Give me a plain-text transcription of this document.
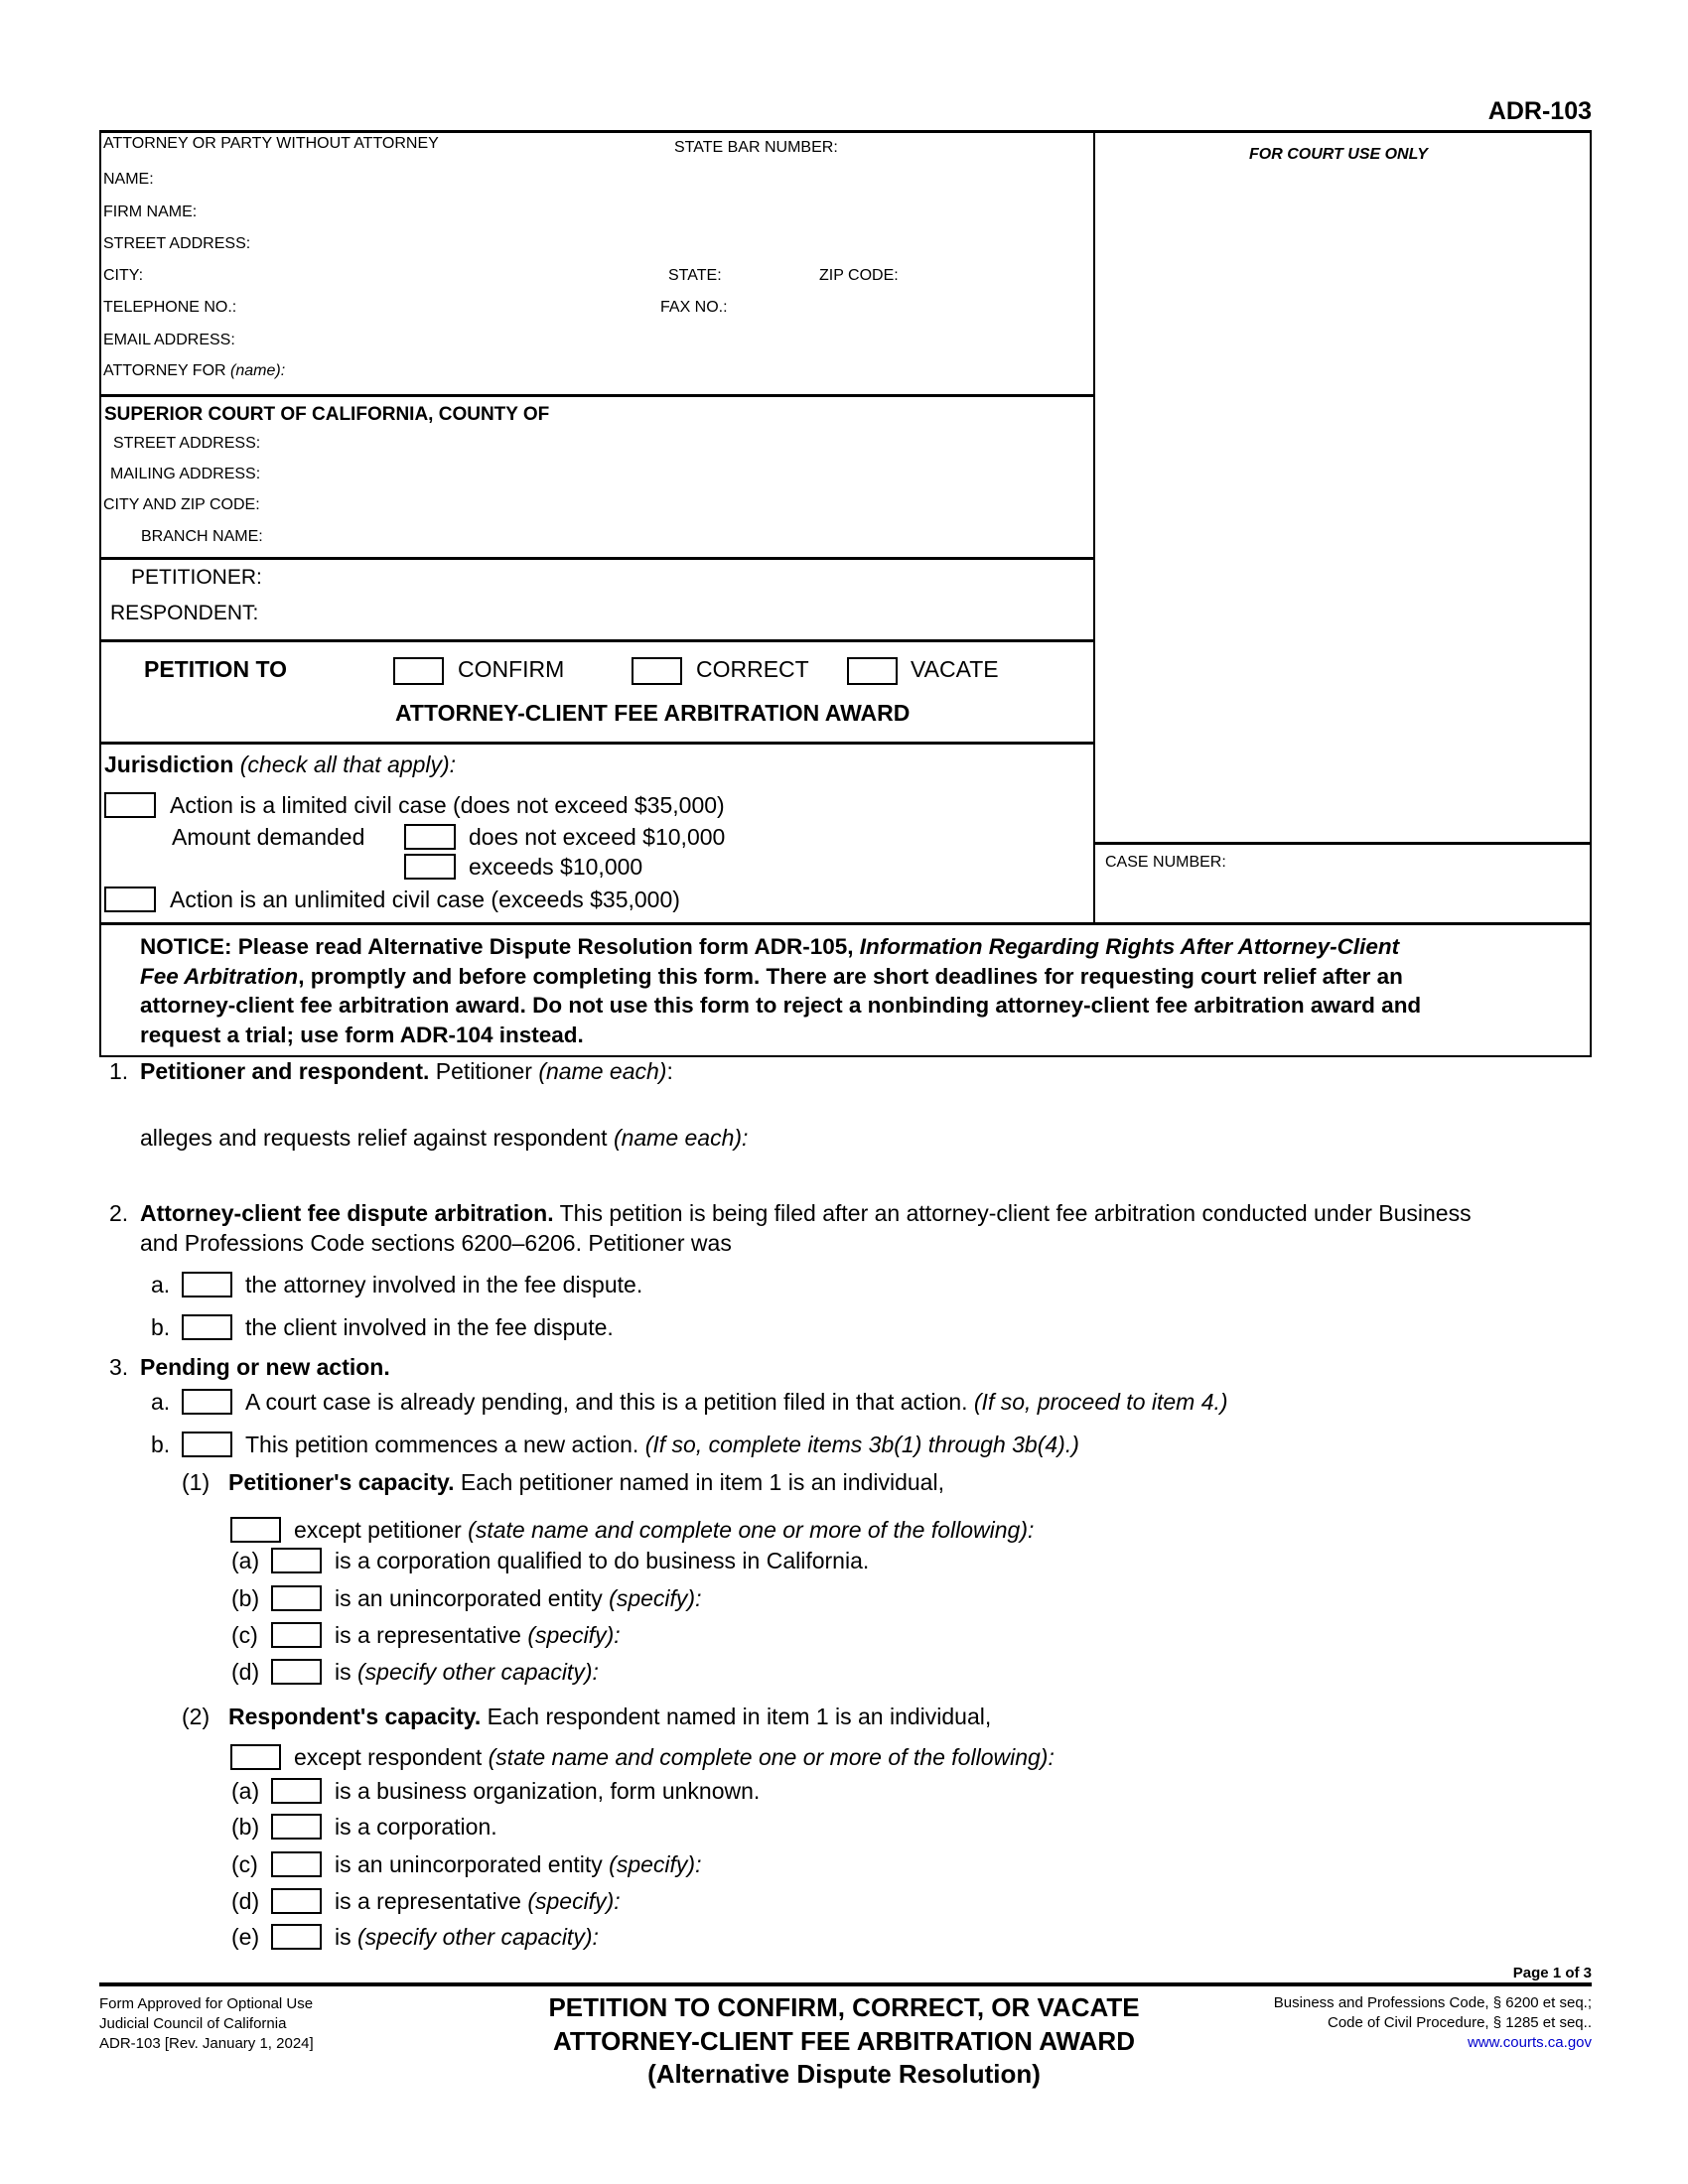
ADR-103
ATTORNEY OR PARTY WITHOUT ATTORNEY	STATE BAR NUMBER:
NAME:
FIRM NAME:
STREET ADDRESS:
CITY:	STATE:	ZIP CODE:
TELEPHONE NO.:	FAX NO.:
EMAIL ADDRESS:
ATTORNEY FOR (name):
FOR COURT USE ONLY
CASE NUMBER:
SUPERIOR COURT OF CALIFORNIA, COUNTY OF
STREET ADDRESS:
MAILING ADDRESS:
CITY AND ZIP CODE:
BRANCH NAME:
PETITIONER:
RESPONDENT:
PETITION TO	CONFIRM	CORRECT	VACATE
ATTORNEY-CLIENT FEE ARBITRATION AWARD
Jurisdiction (check all that apply):
Action is a limited civil case (does not exceed $35,000)
Amount demanded	does not exceed $10,000
exceeds $10,000
Action is an unlimited civil case (exceeds $35,000)
NOTICE: Please read Alternative Dispute Resolution form ADR-105, Information Regarding Rights After Attorney-Client
Fee Arbitration, promptly and before completing this form. There are short deadlines for requesting court relief after an
attorney-client fee arbitration award. Do not use this form to reject a nonbinding attorney-client fee arbitration award and
request a trial; use form ADR-104 instead.
1. Petitioner and respondent. Petitioner (name each):
alleges and requests relief against respondent (name each):
2. Attorney-client fee dispute arbitration. This petition is being filed after an attorney-client fee arbitration conducted under Business
and Professions Code sections 6200–6206. Petitioner was
a.	the attorney involved in the fee dispute.
b.	the client involved in the fee dispute.
3. Pending or new action.
a.	A court case is already pending, and this is a petition filed in that action. (If so, proceed to item 4.)
b.	This petition commences a new action. (If so, complete items 3b(1) through 3b(4).)
(1) Petitioner's capacity. Each petitioner named in item 1 is an individual,
except petitioner (state name and complete one or more of the following):
(a)	is a corporation qualified to do business in California.
(b)	is an unincorporated entity (specify):
(c)	is a representative (specify):
(d)	is (specify other capacity):
(2) Respondent's capacity. Each respondent named in item 1 is an individual,
except respondent (state name and complete one or more of the following):
(a)	is a business organization, form unknown.
(b)	is a corporation.
(c)	is an unincorporated entity (specify):
(d)	is a representative (specify):
(e)	is (specify other capacity):
Page 1 of 3
Form Approved for Optional Use
Judicial Council of California
ADR-103 [Rev. January 1, 2024]
PETITION TO CONFIRM, CORRECT, OR VACATE
ATTORNEY-CLIENT FEE ARBITRATION AWARD
(Alternative Dispute Resolution)
Business and Professions Code, § 6200 et seq.;
Code of Civil Procedure, § 1285 et seq..
www.courts.ca.gov
